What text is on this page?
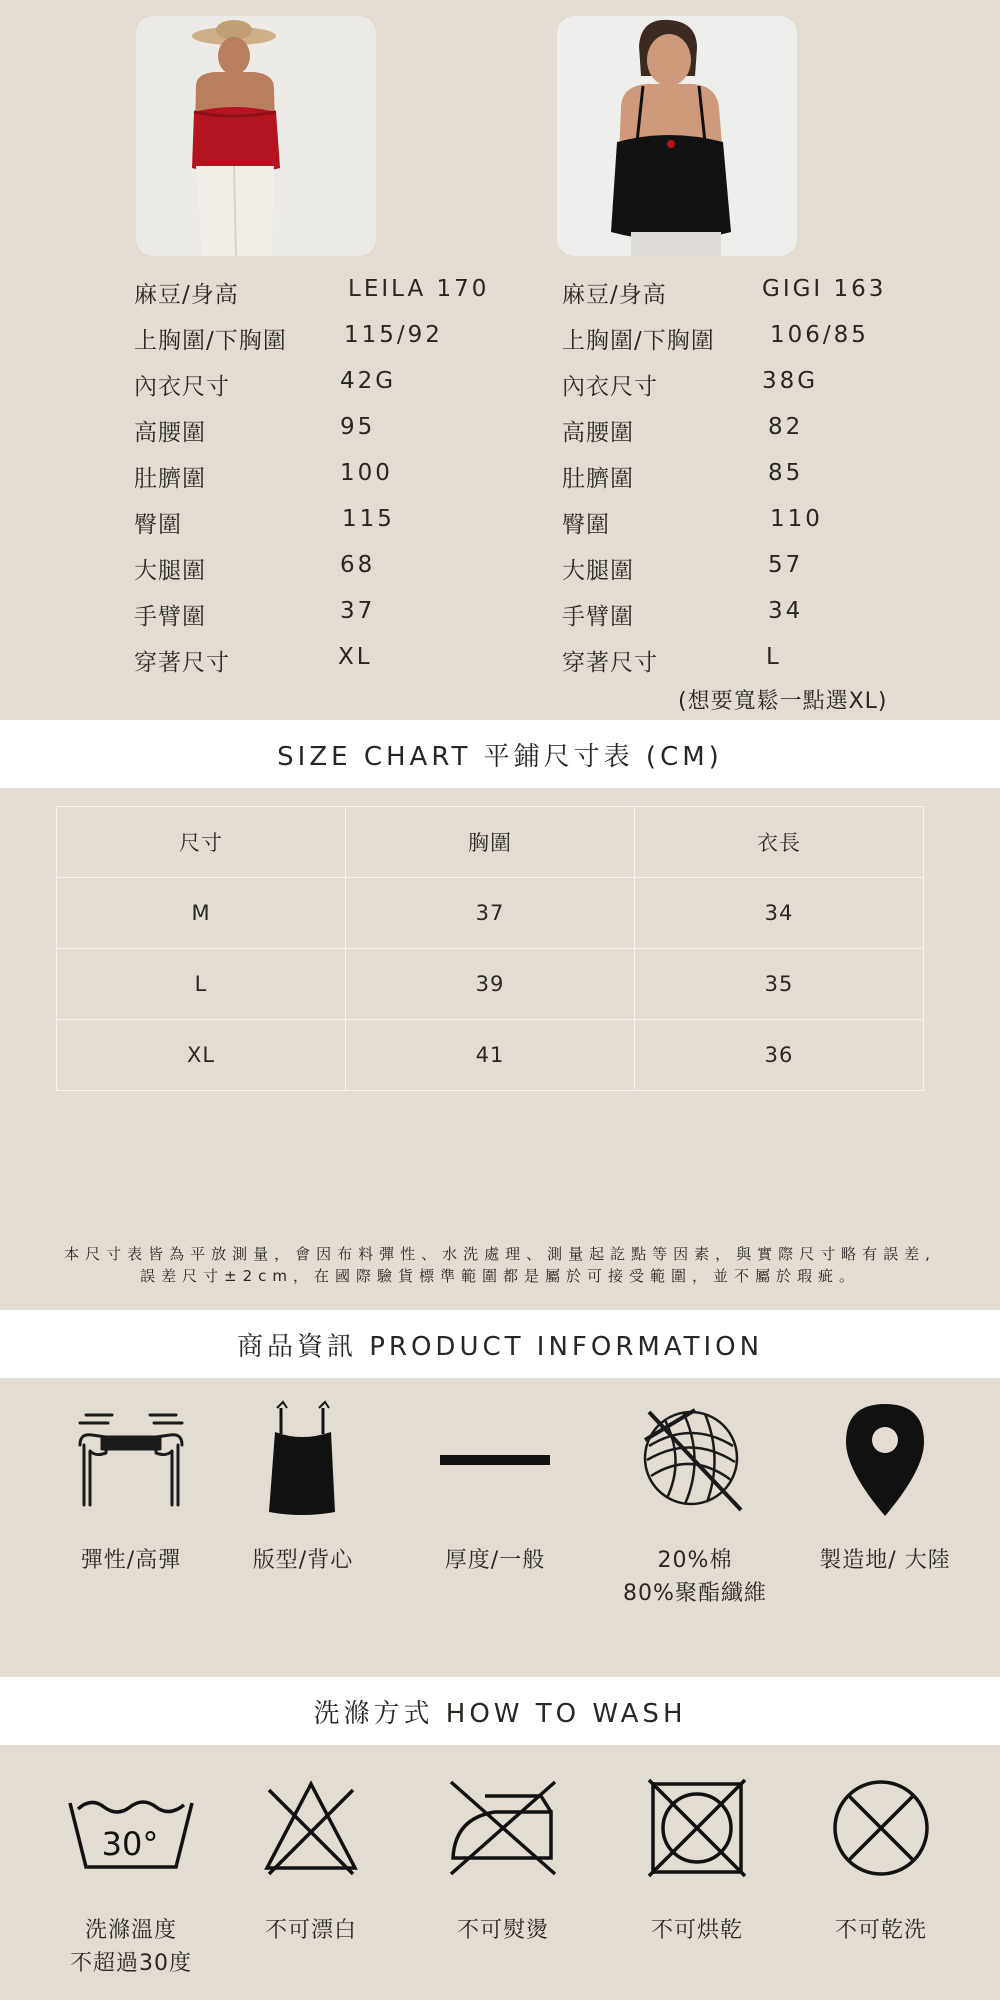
麻豆/身高	LEILA 170
上胸圍/下胸圍 115/92
內衣尺寸	42G
高腰圍	95
肚臍圍	100
臀圍	115
大腿圍	68
手臂圍	37
穿著尺寸	XL
麻豆/身高	GIGI 163
上胸圍/下胸圍 106/85
內衣尺寸	38G
高腰圍	82
肚臍圍	85
臀圍	110
大腿圍	57
手臂圍	34
穿著尺寸	L
(想要寬鬆一點選XL)
SIZE CHART 平鋪尺寸表 (CM)
尺寸	胸圍	衣長
M	37	34
L	39	35
XL	41	36
本尺寸表皆為平放測量，會因布料彈性、水洗處理、測量起訖點等因素，與實際尺寸略有誤差,
誤差尺寸±2cm，在國際驗貨標準範圍都是屬於可接受範圍，並不屬於瑕疵。
商品資訊 PRODUCT INFORMATION
彈性/高彈	版型/背心	厚度/一般	20%棉
80%聚酯纖維
製造地/ 大陸
洗滌方式 HOW TO WASH
30°
洗滌溫度
不超過30度
不可漂白	不可熨燙	不可烘乾	不可乾洗
